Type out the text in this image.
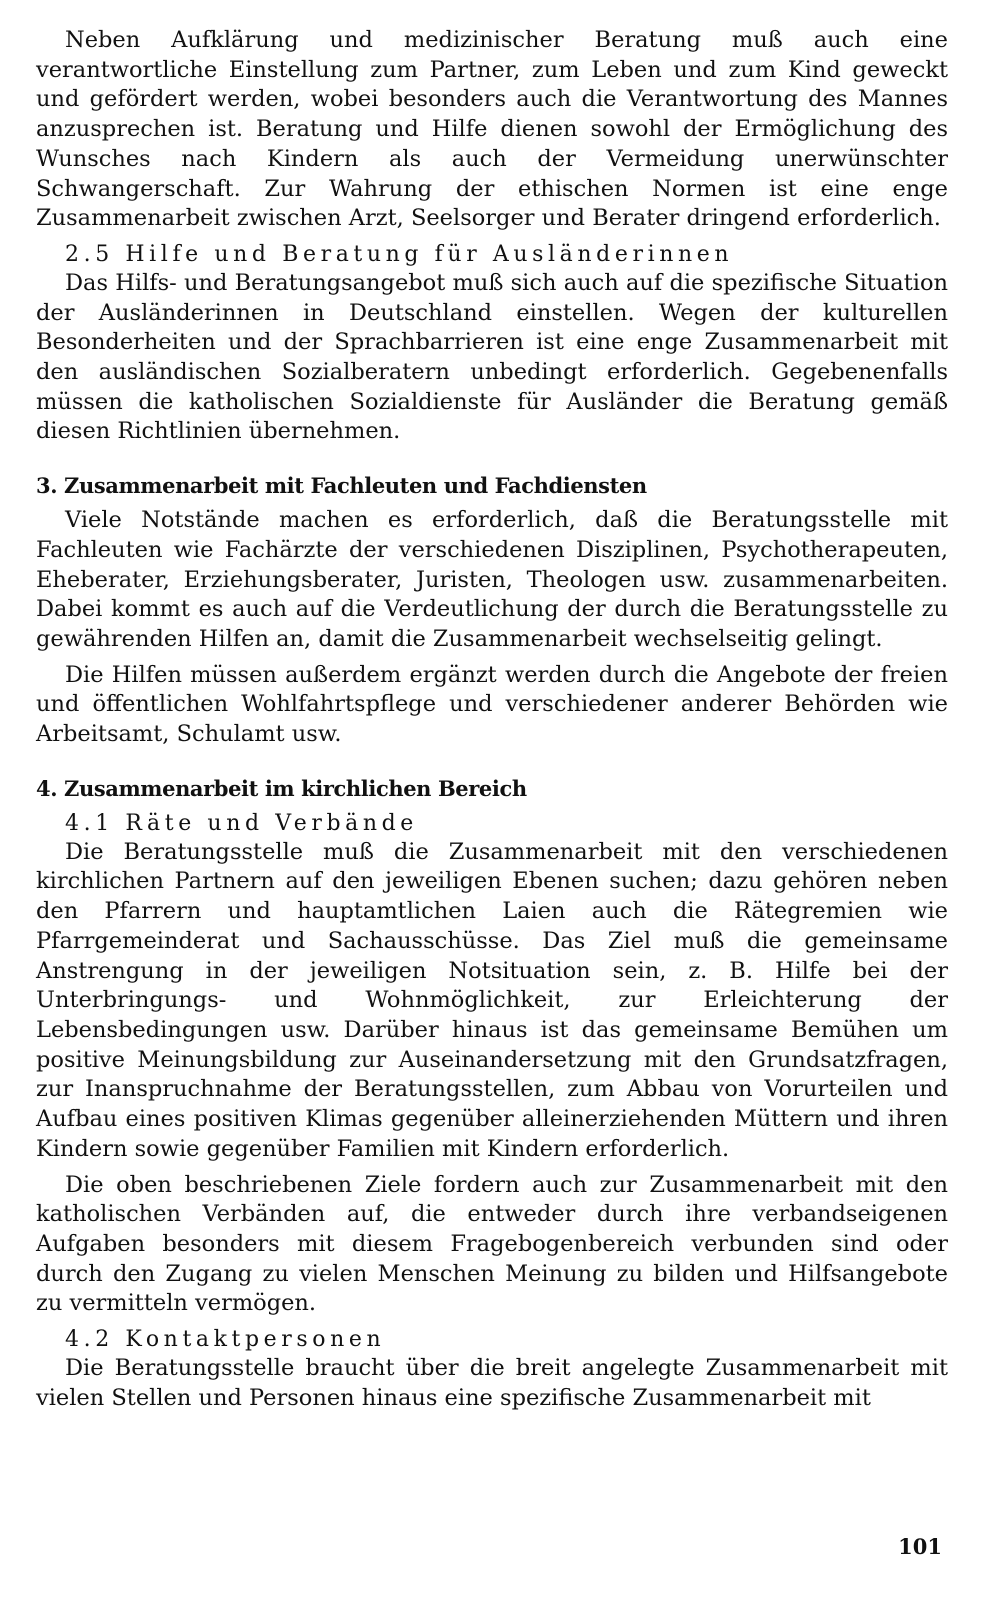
Neben Aufklärung und medizinischer Beratung muß auch eine verantwortliche Einstellung zum Partner, zum Leben und zum Kind geweckt und gefördert werden, wobei besonders auch die Verantwortung des Mannes anzusprechen ist. Beratung und Hilfe dienen sowohl der Ermöglichung des Wunsches nach Kindern als auch der Vermeidung unerwünschter Schwangerschaft. Zur Wahrung der ethischen Normen ist eine enge Zusammenarbeit zwischen Arzt, Seelsorger und Berater dringend erforderlich.

2.5 Hilfe und Beratung für Ausländerinnen

Das Hilfs- und Beratungsangebot muß sich auch auf die spezifische Situation der Ausländerinnen in Deutschland einstellen. Wegen der kulturellen Besonderheiten und der Sprachbarrieren ist eine enge Zusammenarbeit mit den ausländischen Sozialberatern unbedingt erforderlich. Gegebenenfalls müssen die katholischen Sozialdienste für Ausländer die Beratung gemäß diesen Richtlinien übernehmen.

3. Zusammenarbeit mit Fachleuten und Fachdiensten

Viele Notstände machen es erforderlich, daß die Beratungsstelle mit Fachleuten wie Fachärzte der verschiedenen Disziplinen, Psychotherapeuten, Eheberater, Erziehungsberater, Juristen, Theologen usw. zusammenarbeiten. Dabei kommt es auch auf die Verdeutlichung der durch die Beratungsstelle zu gewährenden Hilfen an, damit die Zusammenarbeit wechselseitig gelingt.

Die Hilfen müssen außerdem ergänzt werden durch die Angebote der freien und öffentlichen Wohlfahrtspflege und verschiedener anderer Behörden wie Arbeitsamt, Schulamt usw.

4. Zusammenarbeit im kirchlichen Bereich
4.1 Räte und Verbände

Die Beratungsstelle muß die Zusammenarbeit mit den verschiedenen kirchlichen Partnern auf den jeweiligen Ebenen suchen; dazu gehören neben den Pfarrern und hauptamtlichen Laien auch die Rätegremien wie Pfarrgemeinderat und Sachausschüsse. Das Ziel muß die gemeinsame Anstrengung in der jeweiligen Notsituation sein, z. B. Hilfe bei der Unterbringungs- und Wohnmöglichkeit, zur Erleichterung der Lebensbedingungen usw. Darüber hinaus ist das gemeinsame Bemühen um positive Meinungsbildung zur Auseinandersetzung mit den Grundsatzfragen, zur Inanspruchnahme der Beratungsstellen, zum Abbau von Vorurteilen und Aufbau eines positiven Klimas gegenüber alleinerziehenden Müttern und ihren Kindern sowie gegenüber Familien mit Kindern erforderlich.

Die oben beschriebenen Ziele fordern auch zur Zusammenarbeit mit den katholischen Verbänden auf, die entweder durch ihre verbandseigenen Aufgaben besonders mit diesem Fragebogenbereich verbunden sind oder durch den Zugang zu vielen Menschen Meinung zu bilden und Hilfsangebote zu vermitteln vermögen.

4.2 Kontaktpersonen

Die Beratungsstelle braucht über die breit angelegte Zusammenarbeit mit vielen Stellen und Personen hinaus eine spezifische Zusammenarbeit mit

101
